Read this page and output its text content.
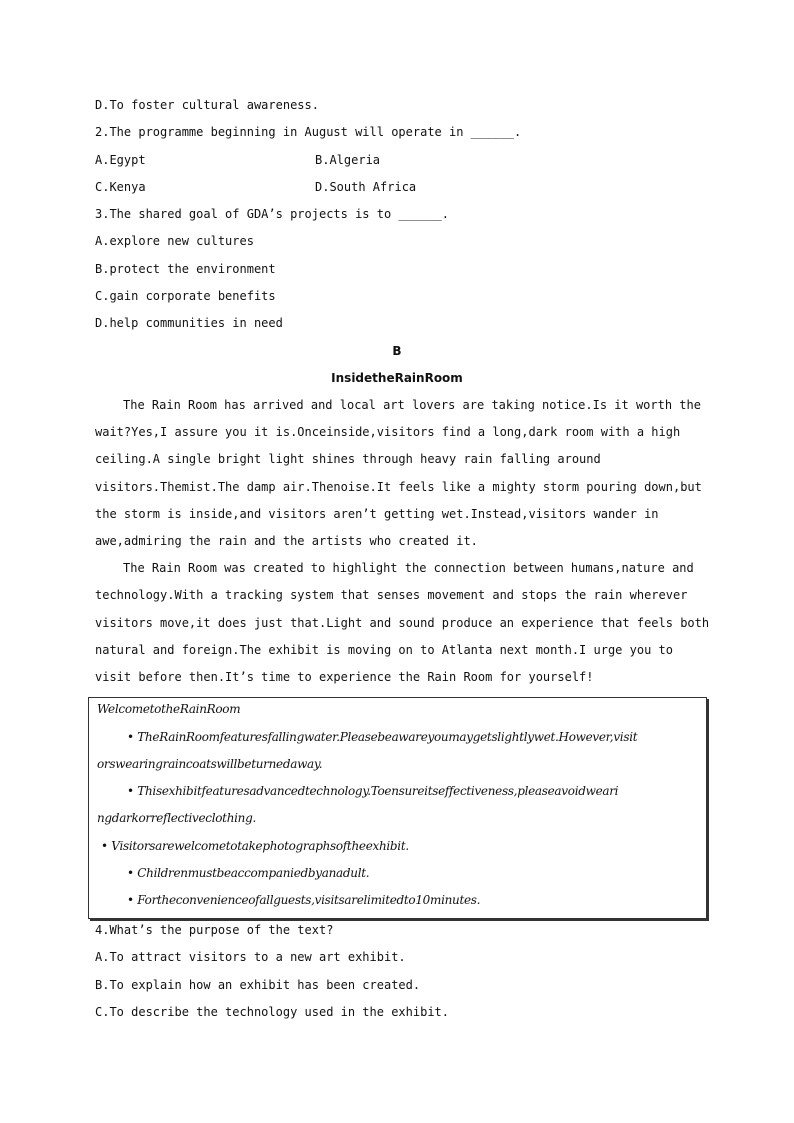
D.To foster cultural awareness.
2.The programme beginning in August will operate in ______.
A.Egypt	B.Algeria
C.Kenya	D.South Africa
3.The shared goal of GDA’s projects is to ______.
A.explore new cultures
B.protect the environment
C.gain corporate benefits
D.help communities in need
B
InsidetheRainRoom
The Rain Room has arrived and local art lovers are taking notice.Is it worth the
wait?Yes,I assure you it is.Onceinside,visitors find a long,dark room with a high
ceiling.A single bright light shines through heavy rain falling around
visitors.Themist.The damp air.Thenoise.It feels like a mighty storm pouring down,but
the storm is inside,and visitors aren’t getting wet.Instead,visitors wander in
awe,admiring the rain and the artists who created it.
The Rain Room was created to highlight the connection between humans,nature and
technology.With a tracking system that senses movement and stops the rain wherever
visitors move,it does just that.Light and sound produce an experience that feels both
natural and foreign.The exhibit is moving on to Atlanta next month.I urge you to
visit before then.It’s time to experience the Rain Room for yourself!
WelcometotheRainRoom
• TheRainRoomfeaturesfallingwater.Pleasebeawareyoumaygetslightlywet.However,visit
orswearingraincoatswillbeturnedaway.
• Thisexhibitfeaturesadvancedtechnology.Toensureitseffectiveness,pleaseavoidweari
ngdarkorreflectiveclothing.
• Visitorsarewelcometotakephotographsoftheexhibit.
• Childrenmustbeaccompaniedbyanadult.
• Fortheconvenienceofallguests,visitsarelimitedto10minutes.
4.What’s the purpose of the text?
A.To attract visitors to a new art exhibit.
B.To explain how an exhibit has been created.
C.To describe the technology used in the exhibit.
